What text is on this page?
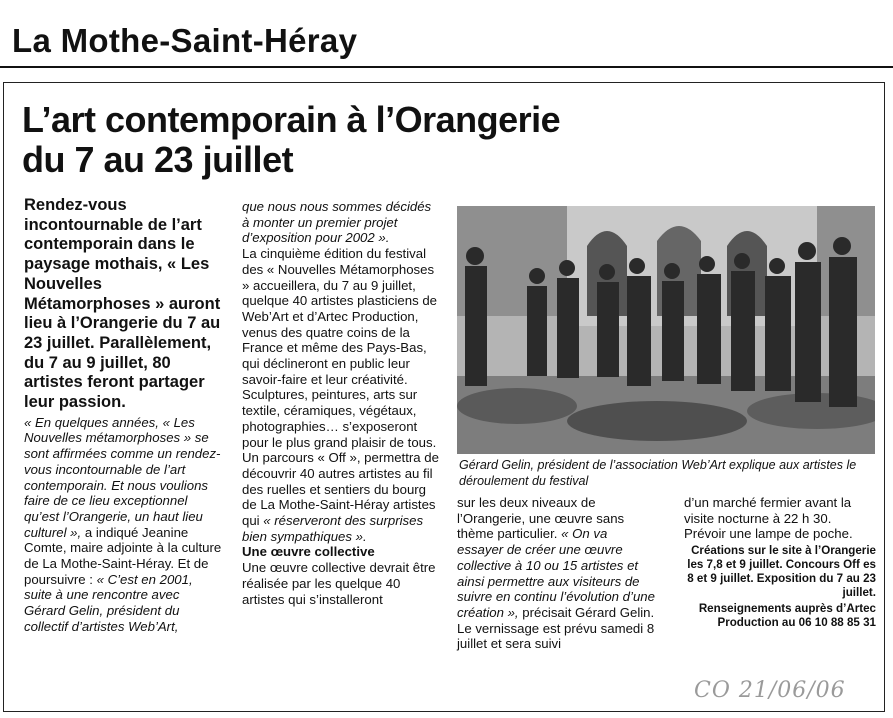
La Mothe-Saint-Héray
L’art contemporain à l’Orangerie
du 7 au 23 juillet

Rendez-vous incontournable de l’art contemporain dans le paysage mothais, « Les Nouvelles Métamorphoses » auront lieu à l’Orangerie du 7 au 23 juillet. Parallèlement, du 7 au 9 juillet, 80 artistes feront partager leur passion.

« En quelques années, « Les Nouvelles métamorphoses » se sont affirmées comme un rendez-vous incontournable de l’art contemporain. Et nous voulions faire de ce lieu exceptionnel qu’est l’Orangerie, un haut lieu culturel », a indiqué Jeanine Comte, maire adjointe à la culture de La Mothe-Saint-Héray. Et de poursuivre : « C’est en 2001, suite à une rencontre avec Gérard Gelin, président du collectif d’artistes Web’Art,

que nous nous sommes décidés à monter un premier projet d’exposition pour 2002 ».

La cinquième édition du festival des « Nouvelles Métamorphoses » accueillera, du 7 au 9 juillet, quelque 40 artistes plasticiens de Web’Art et d’Artec Production, venus des quatre coins de la France et même des Pays-Bas, qui déclineront en public leur savoir-faire et leur créativité. Sculptures, peintures, arts sur textile, céramiques, végétaux, photographies… s’exposeront pour le plus grand plaisir de tous.

Un parcours « Off », permettra de découvrir 40 autres artistes au fil des ruelles et sentiers du bourg de La Mothe-Saint-Héray artistes qui « réserveront des surprises bien sympathiques ».

Une œuvre collective

Une œuvre collective devrait être réalisée par les quelque 40 artistes qui s’installeront

Gérard Gelin, président de l’association Web’Art explique aux artistes le déroulement du festival

sur les deux niveaux de l’Orangerie, une œuvre sans thème particulier. « On va essayer de créer une œuvre collective à 10 ou 15 artistes et ainsi permettre aux visiteurs de suivre en continu l’évolution d’une création », précisait Gérard Gelin.

Le vernissage est prévu samedi 8 juillet et sera suivi

d’un marché fermier avant la visite nocturne à 22 h 30. Prévoir une lampe de poche.

Créations sur le site à l’Orangerie les 7,8 et 9 juillet. Concours Off es 8 et 9 juillet. Exposition du 7 au 23 juillet.

Renseignements auprès d’Artec Production au 06 10 88 85 31

CO 21/06/06
